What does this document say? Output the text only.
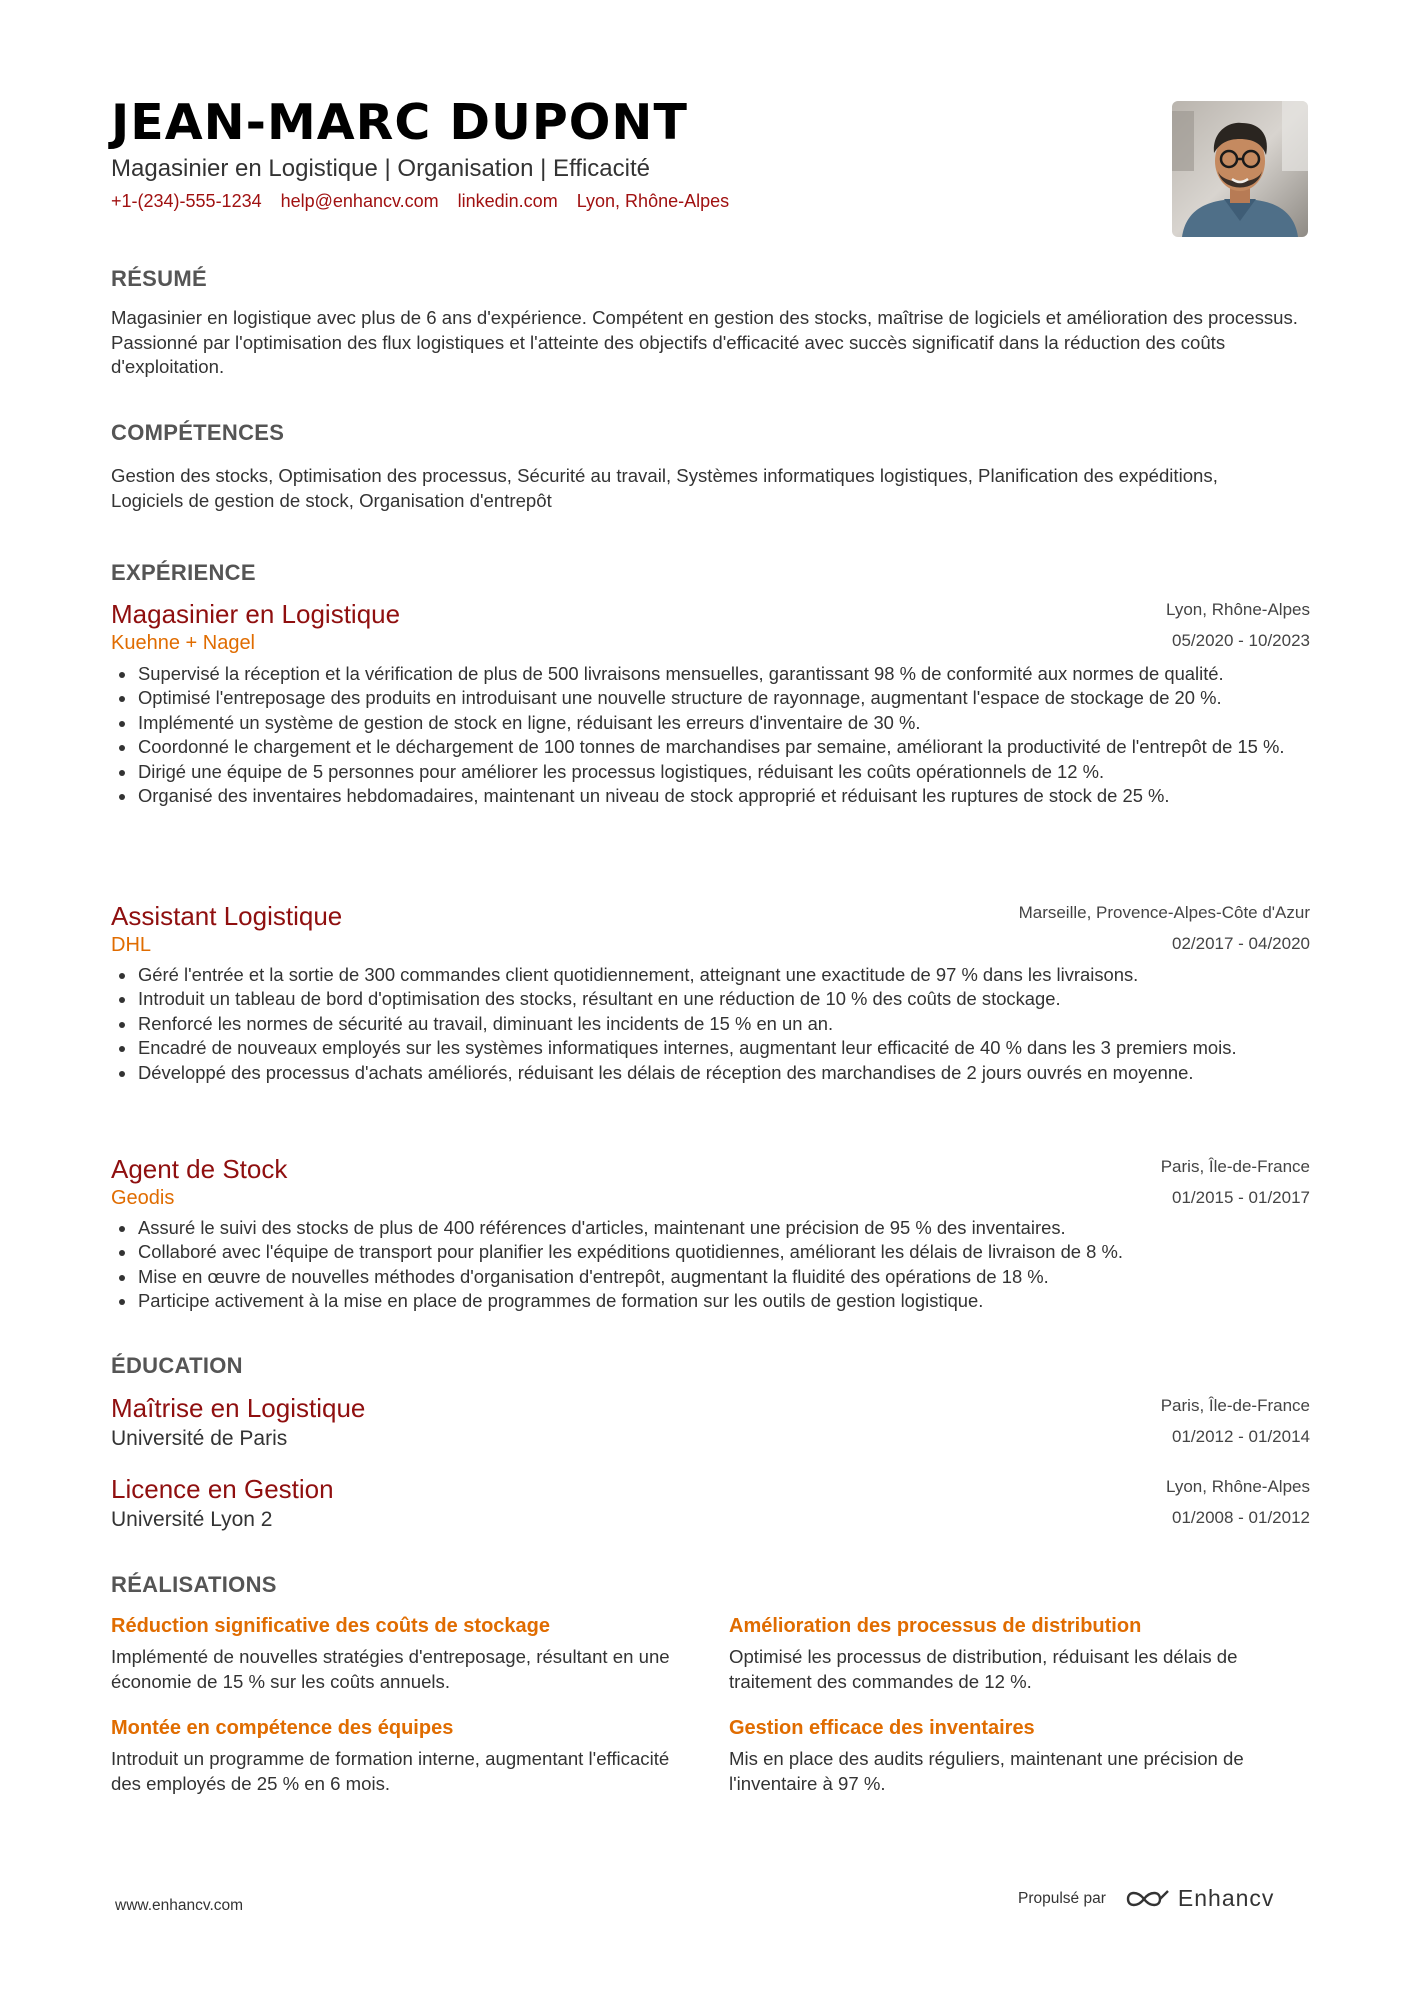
JEAN-MARC DUPONT
Magasinier en Logistique | Organisation | Efficacité
+1-(234)-555-1234 help@enhancv.com linkedin.com Lyon, Rhône-Alpes
RÉSUMÉ
Magasinier en logistique avec plus de 6 ans d'expérience. Compétent en gestion des stocks, maîtrise de logiciels et amélioration des processus. Passionné par l'optimisation des flux logistiques et l'atteinte des objectifs d'efficacité avec succès significatif dans la réduction des coûts d'exploitation.
COMPÉTENCES
Gestion des stocks, Optimisation des processus, Sécurité au travail, Systèmes informatiques logistiques, Planification des expéditions, Logiciels de gestion de stock, Organisation d'entrepôt
EXPÉRIENCE
Magasinier en Logistique	Lyon, Rhône-Alpes
Kuehne + Nagel	05/2020 - 10/2023
Supervisé la réception et la vérification de plus de 500 livraisons mensuelles, garantissant 98 % de conformité aux normes de qualité.
Optimisé l'entreposage des produits en introduisant une nouvelle structure de rayonnage, augmentant l'espace de stockage de 20 %.
Implémenté un système de gestion de stock en ligne, réduisant les erreurs d'inventaire de 30 %.
Coordonné le chargement et le déchargement de 100 tonnes de marchandises par semaine, améliorant la productivité de l'entrepôt de 15 %.
Dirigé une équipe de 5 personnes pour améliorer les processus logistiques, réduisant les coûts opérationnels de 12 %.
Organisé des inventaires hebdomadaires, maintenant un niveau de stock approprié et réduisant les ruptures de stock de 25 %.
Assistant Logistique	Marseille, Provence-Alpes-Côte d'Azur
DHL	02/2017 - 04/2020
Géré l'entrée et la sortie de 300 commandes client quotidiennement, atteignant une exactitude de 97 % dans les livraisons.
Introduit un tableau de bord d'optimisation des stocks, résultant en une réduction de 10 % des coûts de stockage.
Renforcé les normes de sécurité au travail, diminuant les incidents de 15 % en un an.
Encadré de nouveaux employés sur les systèmes informatiques internes, augmentant leur efficacité de 40 % dans les 3 premiers mois.
Développé des processus d'achats améliorés, réduisant les délais de réception des marchandises de 2 jours ouvrés en moyenne.
Agent de Stock	Paris, Île-de-France
Geodis	01/2015 - 01/2017
Assuré le suivi des stocks de plus de 400 références d'articles, maintenant une précision de 95 % des inventaires.
Collaboré avec l'équipe de transport pour planifier les expéditions quotidiennes, améliorant les délais de livraison de 8 %.
Mise en œuvre de nouvelles méthodes d'organisation d'entrepôt, augmentant la fluidité des opérations de 18 %.
Participe activement à la mise en place de programmes de formation sur les outils de gestion logistique.
ÉDUCATION
Maîtrise en Logistique	Paris, Île-de-France
Université de Paris	01/2012 - 01/2014
Licence en Gestion	Lyon, Rhône-Alpes
Université Lyon 2	01/2008 - 01/2012
RÉALISATIONS
Réduction significative des coûts de stockage
Implémenté de nouvelles stratégies d'entreposage, résultant en une économie de 15 % sur les coûts annuels.
Amélioration des processus de distribution
Optimisé les processus de distribution, réduisant les délais de traitement des commandes de 12 %.
Montée en compétence des équipes
Introduit un programme de formation interne, augmentant l'efficacité des employés de 25 % en 6 mois.
Gestion efficace des inventaires
Mis en place des audits réguliers, maintenant une précision de l'inventaire à 97 %.
www.enhancv.com	Propulsé par	Enhancv
